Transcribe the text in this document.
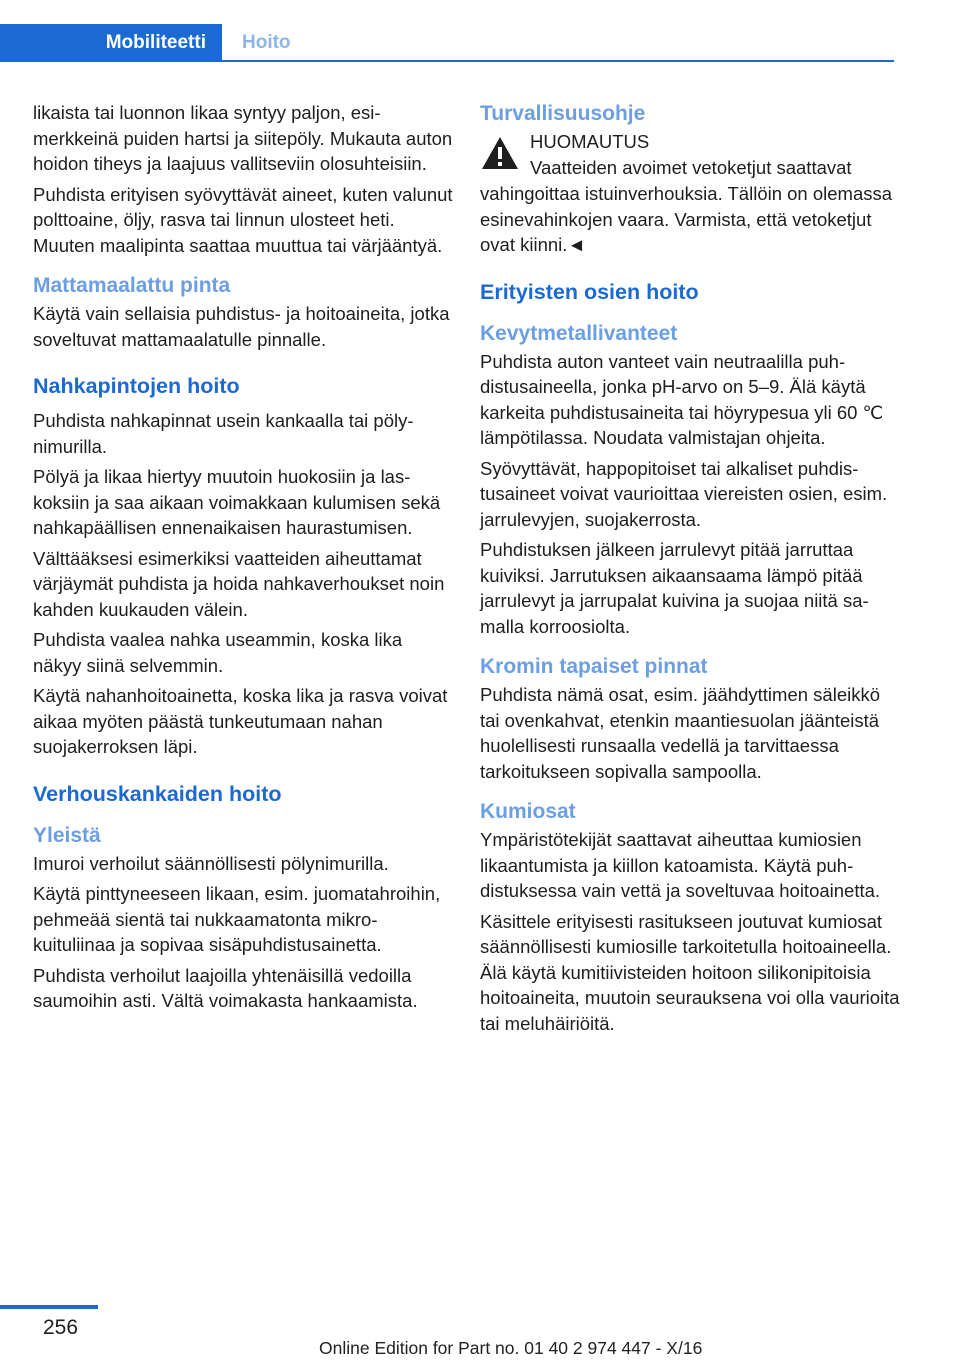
Mobiliteetti	Hoito

likaista tai luonnon likaa syntyy paljon, esimerkkeinä puiden hartsi ja siitepöly. Mukauta auton hoidon tiheys ja laajuus vallitseviin olosuhteisiin.

Puhdista erityisen syövyttävät aineet, kuten valunut polttoaine, öljy, rasva tai linnun ulosteet heti. Muuten maalipinta saattaa muuttua tai värjääntyä.

Mattamaalattu pinta

Käytä vain sellaisia puhdistus- ja hoitoaineita, jotka soveltuvat mattamaalatulle pinnalle.

Nahkapintojen hoito

Puhdista nahkapinnat usein kankaalla tai pölynimurilla.

Pölyä ja likaa hiertyy muutoin huokosiin ja laskoksiin ja saa aikaan voimakkaan kulumisen sekä nahkapäällisen ennenaikaisen haurastumisen.

Välttääksesi esimerkiksi vaatteiden aiheuttamat värjäymät puhdista ja hoida nahkaverhoukset noin kahden kuukauden välein.

Puhdista vaalea nahka useammin, koska lika näkyy siinä selvemmin.

Käytä nahanhoitoainetta, koska lika ja rasva voivat aikaa myöten päästä tunkeutumaan nahan suojakerroksen läpi.

Verhouskankaiden hoito
Yleistä

Imuroi verhoilut säännöllisesti pölynimurilla.

Käytä pinttyneeseen likaan, esim. juomatahroihin, pehmeää sientä tai nukkaamatonta mikrokuituliinaa ja sopivaa sisäpuhdistusainetta.

Puhdista verhoilut laajoilla yhtenäisillä vedoilla saumoihin asti. Vältä voimakasta hankaamista.

Turvallisuusohje
HUOMAUTUS
Vaatteiden avoimet vetoketjut saattavat

vahingoittaa istuinverhouksia. Tällöin on olemassa esinevahinkojen vaara. Varmista, että vetoketjut ovat kiinni.◄

Erityisten osien hoito
Kevytmetallivanteet

Puhdista auton vanteet vain neutraalilla puhdistusaineella, jonka pH-arvo on 5–9. Älä käytä karkeita puhdistusaineita tai höyrypesua yli 60 ℃ lämpötilassa. Noudata valmistajan ohjeita.

Syövyttävät, happopitoiset tai alkaliset puhdistusaineet voivat vaurioittaa viereisten osien, esim. jarrulevyjen, suojakerrosta.

Puhdistuksen jälkeen jarrulevyt pitää jarruttaa kuiviksi. Jarrutuksen aikaansaama lämpö pitää jarrulevyt ja jarrupalat kuivina ja suojaa niitä samalla korroosiolta.

Kromin tapaiset pinnat

Puhdista nämä osat, esim. jäähdyttimen säleikkö tai ovenkahvat, etenkin maantiesuolan jäänteistä huolellisesti runsaalla vedellä ja tarvittaessa tarkoitukseen sopivalla sampoolla.

Kumiosat

Ympäristötekijät saattavat aiheuttaa kumiosien likaantumista ja kiillon katoamista. Käytä puhdistuksessa vain vettä ja soveltuvaa hoitoainetta.

Käsittele erityisesti rasitukseen joutuvat kumiosat säännöllisesti kumiosille tarkoitetulla hoitoaineella. Älä käytä kumitiivisteiden hoitoon silikonipitoisia hoitoaineita, muutoin seurauksena voi olla vaurioita tai meluhäiriöitä.

256
Online Edition for Part no. 01 40 2 974 447 - X/16
